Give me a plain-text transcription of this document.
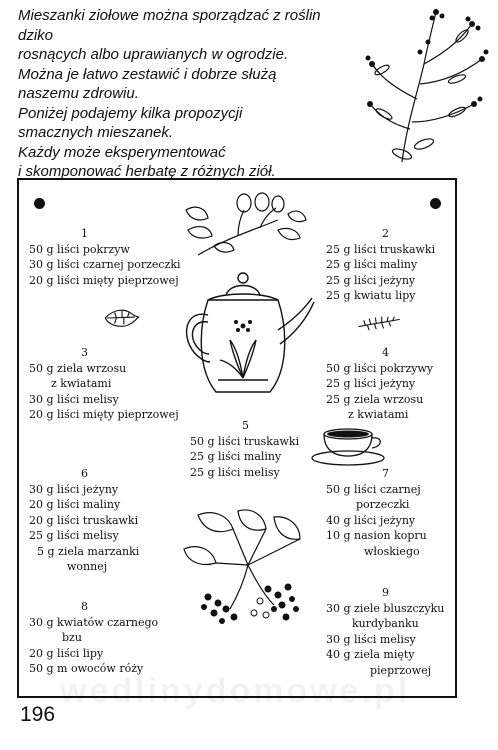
Mieszanki ziołowe można sporządzać z roślin dziko

rosnących albo uprawianych w ogrodzie.

Można je łatwo zestawić i dobrze służą

naszemu zdrowiu.

Poniżej podajemy kilka propozycji

smacznych mieszanek.

Każdy może eksperymentować

i skomponować herbatę z różnych ziół.

1
50 g liści pokrzyw
30 g liści czarnej porzeczki
20 g liści mięty pieprzowej
2
25 g liści truskawki
25 g liści maliny
25 g liści jeżyny
25 g kwiatu lipy
3
50 g ziela wrzosu
z kwiatami
30 g liści melisy
20 g liści mięty pieprzowej
4
50 g liści pokrzywy
25 g liści jeżyny
25 g ziela wrzosu
z kwiatami
5
50 g liści truskawki
25 g liści maliny
25 g liści melisy
6
30 g liści jeżyny
20 g liści maliny
20 g liści truskawki
25 g liści melisy
5 g ziela marzanki
wonnej
7
50 g liści czarnej
porzeczki
40 g liści jeżyny
10 g nasion kopru
włoskiego
8
30 g kwiatów czarnego
bzu
20 g liści lipy
50 g m owoców róży
9
30 g ziele bluszczyku
kurdybanku
30 g liści melisy
40 g ziela mięty
pieprzowej
wedlinydomowe.pl
196
